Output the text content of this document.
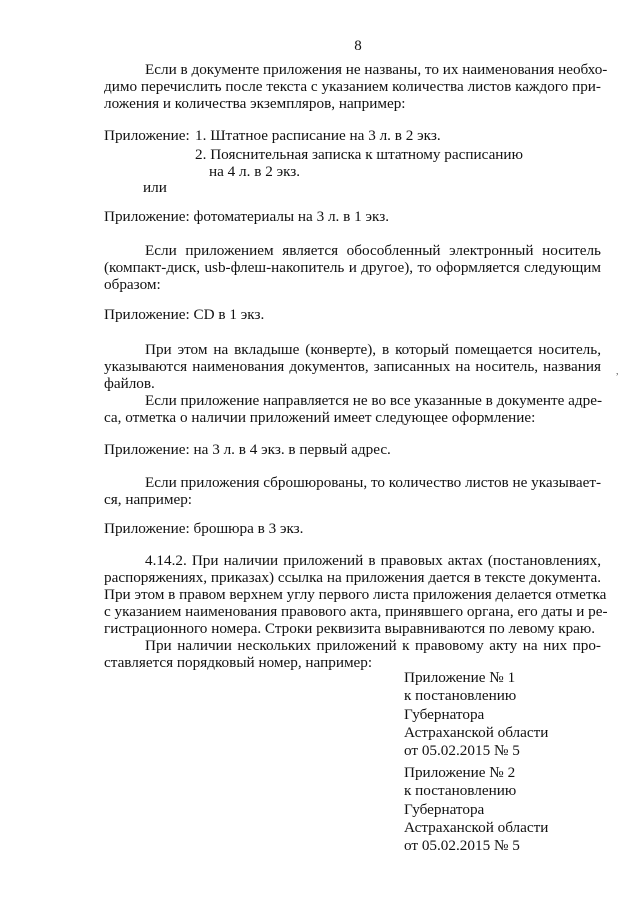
8
Если в документе приложения не названы, то их наименования необхо-
димо перечислить после текста с указанием количества листов каждого при-
ложения и количества экземпляров, например:
Приложение: 1. Штатное расписание на 3 л. в 2 экз.
2. Пояснительная записка к штатному расписанию
на 4 л. в 2 экз.
или
Приложение: фотоматериалы на 3 л. в 1 экз.
Если приложением является обособленный электронный носитель
(компакт-диск, usb-флеш-накопитель и другое), то оформляется следующим
образом:
Приложение: CD в 1 экз.
При этом на вкладыше (конверте), в который помещается носитель,
указываются наименования документов, записанных на носитель, названия
файлов.
,
Если приложение направляется не во все указанные в документе адре-
са, отметка о наличии приложений имеет следующее оформление:
Приложение: на 3 л. в 4 экз. в первый адрес.
Если приложения сброшюрованы, то количество листов не указывает-
ся, например:
Приложение: брошюра в 3 экз.
4.14.2. При наличии приложений в правовых актах (постановлениях,
распоряжениях, приказах) ссылка на приложения дается в тексте документа.
При этом в правом верхнем углу первого листа приложения делается отметка
с указанием наименования правового акта, принявшего органа, его даты и ре-
гистрационного номера. Строки реквизита выравниваются по левому краю.
При наличии нескольких приложений к правовому акту на них про-
ставляется порядковый номер, например:
Приложение № 1
к постановлению
Губернатора
Астраханской области
от 05.02.2015 № 5
Приложение № 2
к постановлению
Губернатора
Астраханской области
от 05.02.2015 № 5
